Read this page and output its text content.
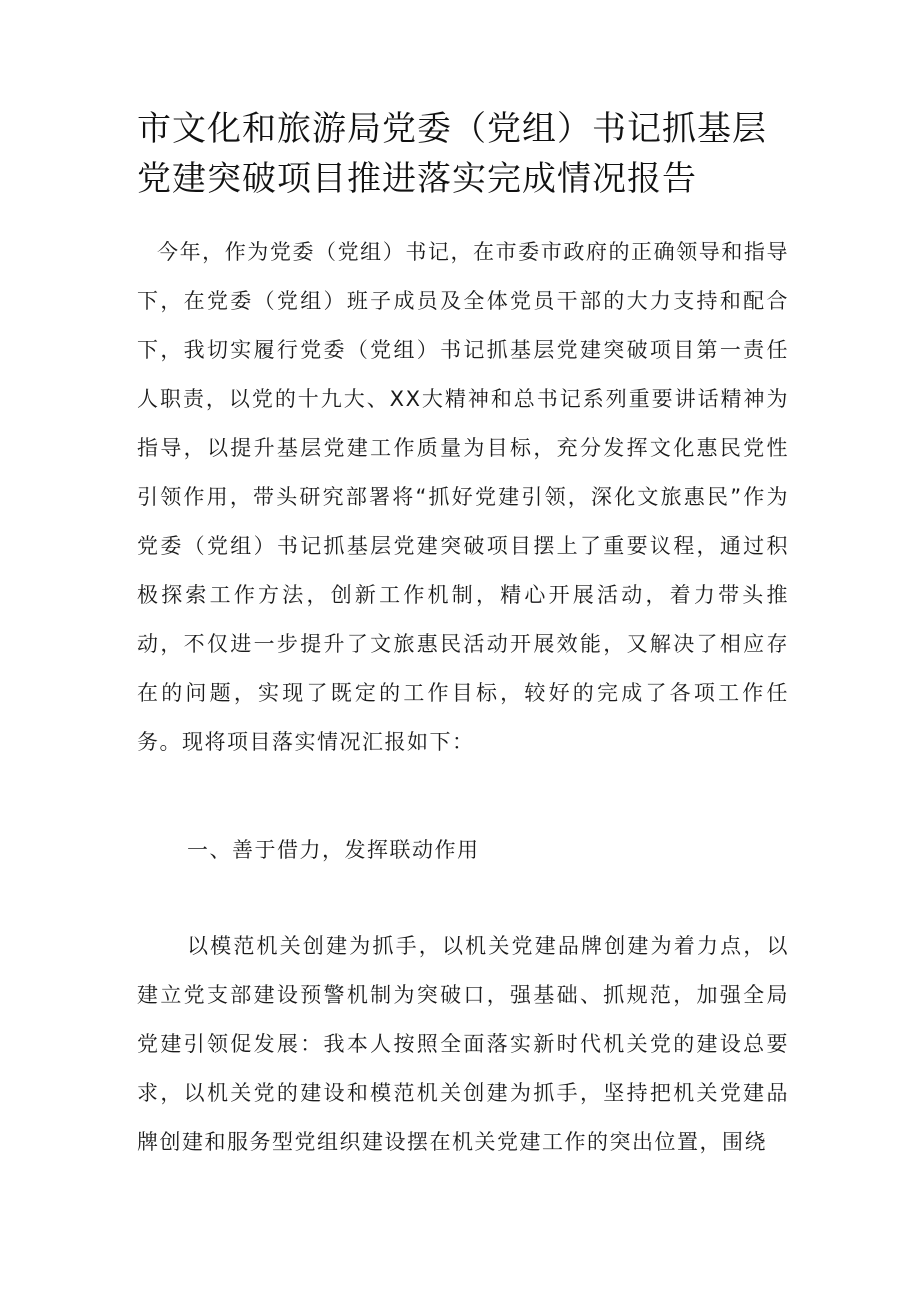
市文化和旅游局党委（党组）书记抓基层党建突破项目推进落实完成情况报告

今年，作为党委（党组）书记，在市委市政府的正确领导和指导下，在党委（党组）班子成员及全体党员干部的大力支持和配合下，我切实履行党委（党组）书记抓基层党建突破项目第一责任人职责，以党的十九大、XX大精神和总书记系列重要讲话精神为指导，以提升基层党建工作质量为目标，充分发挥文化惠民党性引领作用，带头研究部署将“抓好党建引领，深化文旅惠民”作为党委（党组）书记抓基层党建突破项目摆上了重要议程，通过积极探索工作方法，创新工作机制，精心开展活动，着力带头推动，不仅进一步提升了文旅惠民活动开展效能，又解决了相应存在的问题，实现了既定的工作目标，较好的完成了各项工作任务。现将项目落实情况汇报如下：

一、善于借力，发挥联动作用

以模范机关创建为抓手，以机关党建品牌创建为着力点，以建立党支部建设预警机制为突破口，强基础、抓规范，加强全局党建引领促发展：我本人按照全面落实新时代机关党的建设总要求，以机关党的建设和模范机关创建为抓手，坚持把机关党建品牌创建和服务型党组织建设摆在机关党建工作的突出位置，围绕
